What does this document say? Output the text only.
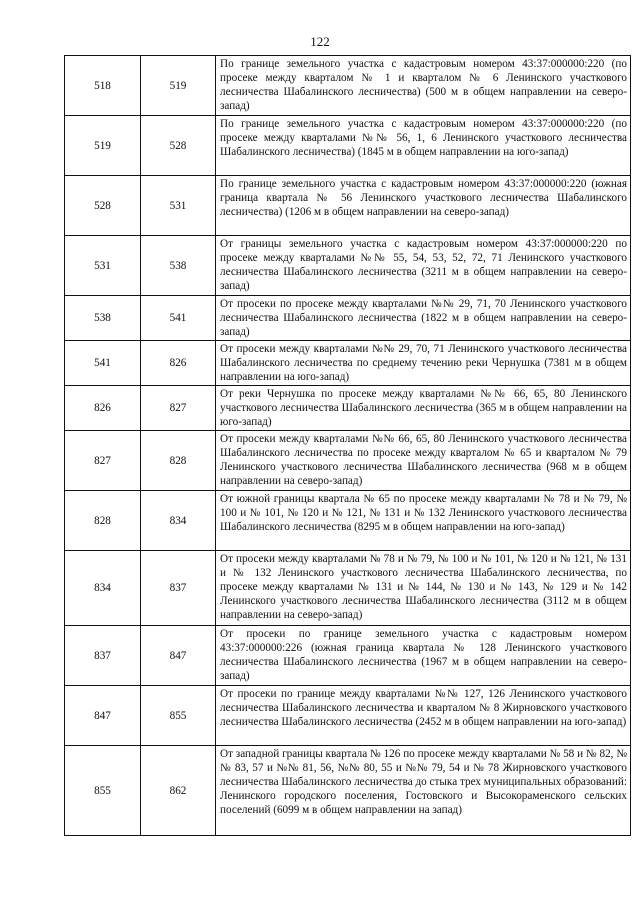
122
518	519	По границе земельного участка с кадастровым номером 43:37:000000:220 (по просеке между кварталом № 1 и кварталом № 6 Ленинского участкового лесничества Шабалинского лесничества) (500 м в общем направлении на северо-запад)
519	528	По границе земельного участка с кадастровым номером 43:37:000000:220 (по просеке между кварталами №№ 56, 1, 6 Ленинского участкового лесничества Шабалинского лесничества) (1845 м в общем направлении на юго-запад)
528	531	По границе земельного участка с кадастровым номером 43:37:000000:220 (южная граница квартала № 56 Ленинского участкового лесничества Шабалинского лесничества) (1206 м в общем направлении на северо-запад)
531	538	От границы земельного участка с кадастровым номером 43:37:000000:220 по просеке между кварталами №№ 55, 54, 53, 52, 72, 71 Ленинского участкового лесничества Шабалинского лесничества (3211 м в общем направлении на северо-запад)
538	541	От просеки по просеке между кварталами №№ 29, 71, 70 Ленинского участкового лесничества Шабалинского лесничества (1822 м в общем направлении на северо-запад)
541	826	От просеки между кварталами №№ 29, 70, 71 Ленинского участкового лесничества Шабалинского лесничества по среднему течению реки Чернушка (7381 м в общем направлении на юго-запад)
826	827	От реки Чернушка по просеке между кварталами №№ 66, 65, 80 Ленинского участкового лесничества Шабалинского лесничества (365 м в общем направлении на юго-запад)
827	828	От просеки между кварталами №№ 66, 65, 80 Ленинского участкового лесничества Шабалинского лесничества по просеке между кварталом № 65 и кварталом № 79 Ленинского участкового лесничества Шабалинского лесничества (968 м в общем направлении на северо-запад)
828	834	От южной границы квартала № 65 по просеке между кварталами № 78 и № 79, № 100 и № 101, № 120 и № 121, № 131 и № 132 Ленинского участкового лесничества Шабалинского лесничества (8295 м в общем направлении на юго-запад)
834	837	От просеки между кварталами № 78 и № 79, № 100 и № 101, № 120 и № 121, № 131 и № 132 Ленинского участкового лесничества Шабалинского лесничества, по просеке между кварталами № 131 и № 144, № 130 и № 143, № 129 и № 142 Ленинского участкового лесничества Шабалинского лесничества (3112 м в общем направлении на северо-запад)
837	847	От просеки по границе земельного участка с кадастровым номером 43:37:000000:226 (южная граница квартала № 128 Ленинского участкового лесничества Шабалинского лесничества (1967 м в общем направлении на северо-запад)
847	855	От просеки по границе между кварталами №№ 127, 126 Ленинского участкового лесничества Шабалинского лесничества и кварталом № 8 Жирновского участкового лесничества Шабалинского лесничества (2452 м в общем направлении на юго-запад)
855	862	От западной границы квартала № 126 по просеке между кварталами № 58 и № 82, №№ 83, 57 и №№ 81, 56, №№ 80, 55 и №№ 79, 54 и № 78 Жирновского участкового лесничества Шабалинского лесничества до стыка трех муниципальных образований: Ленинского городского поселения, Гостовского и Высокораменского сельских поселений (6099 м в общем направлении на запад)
